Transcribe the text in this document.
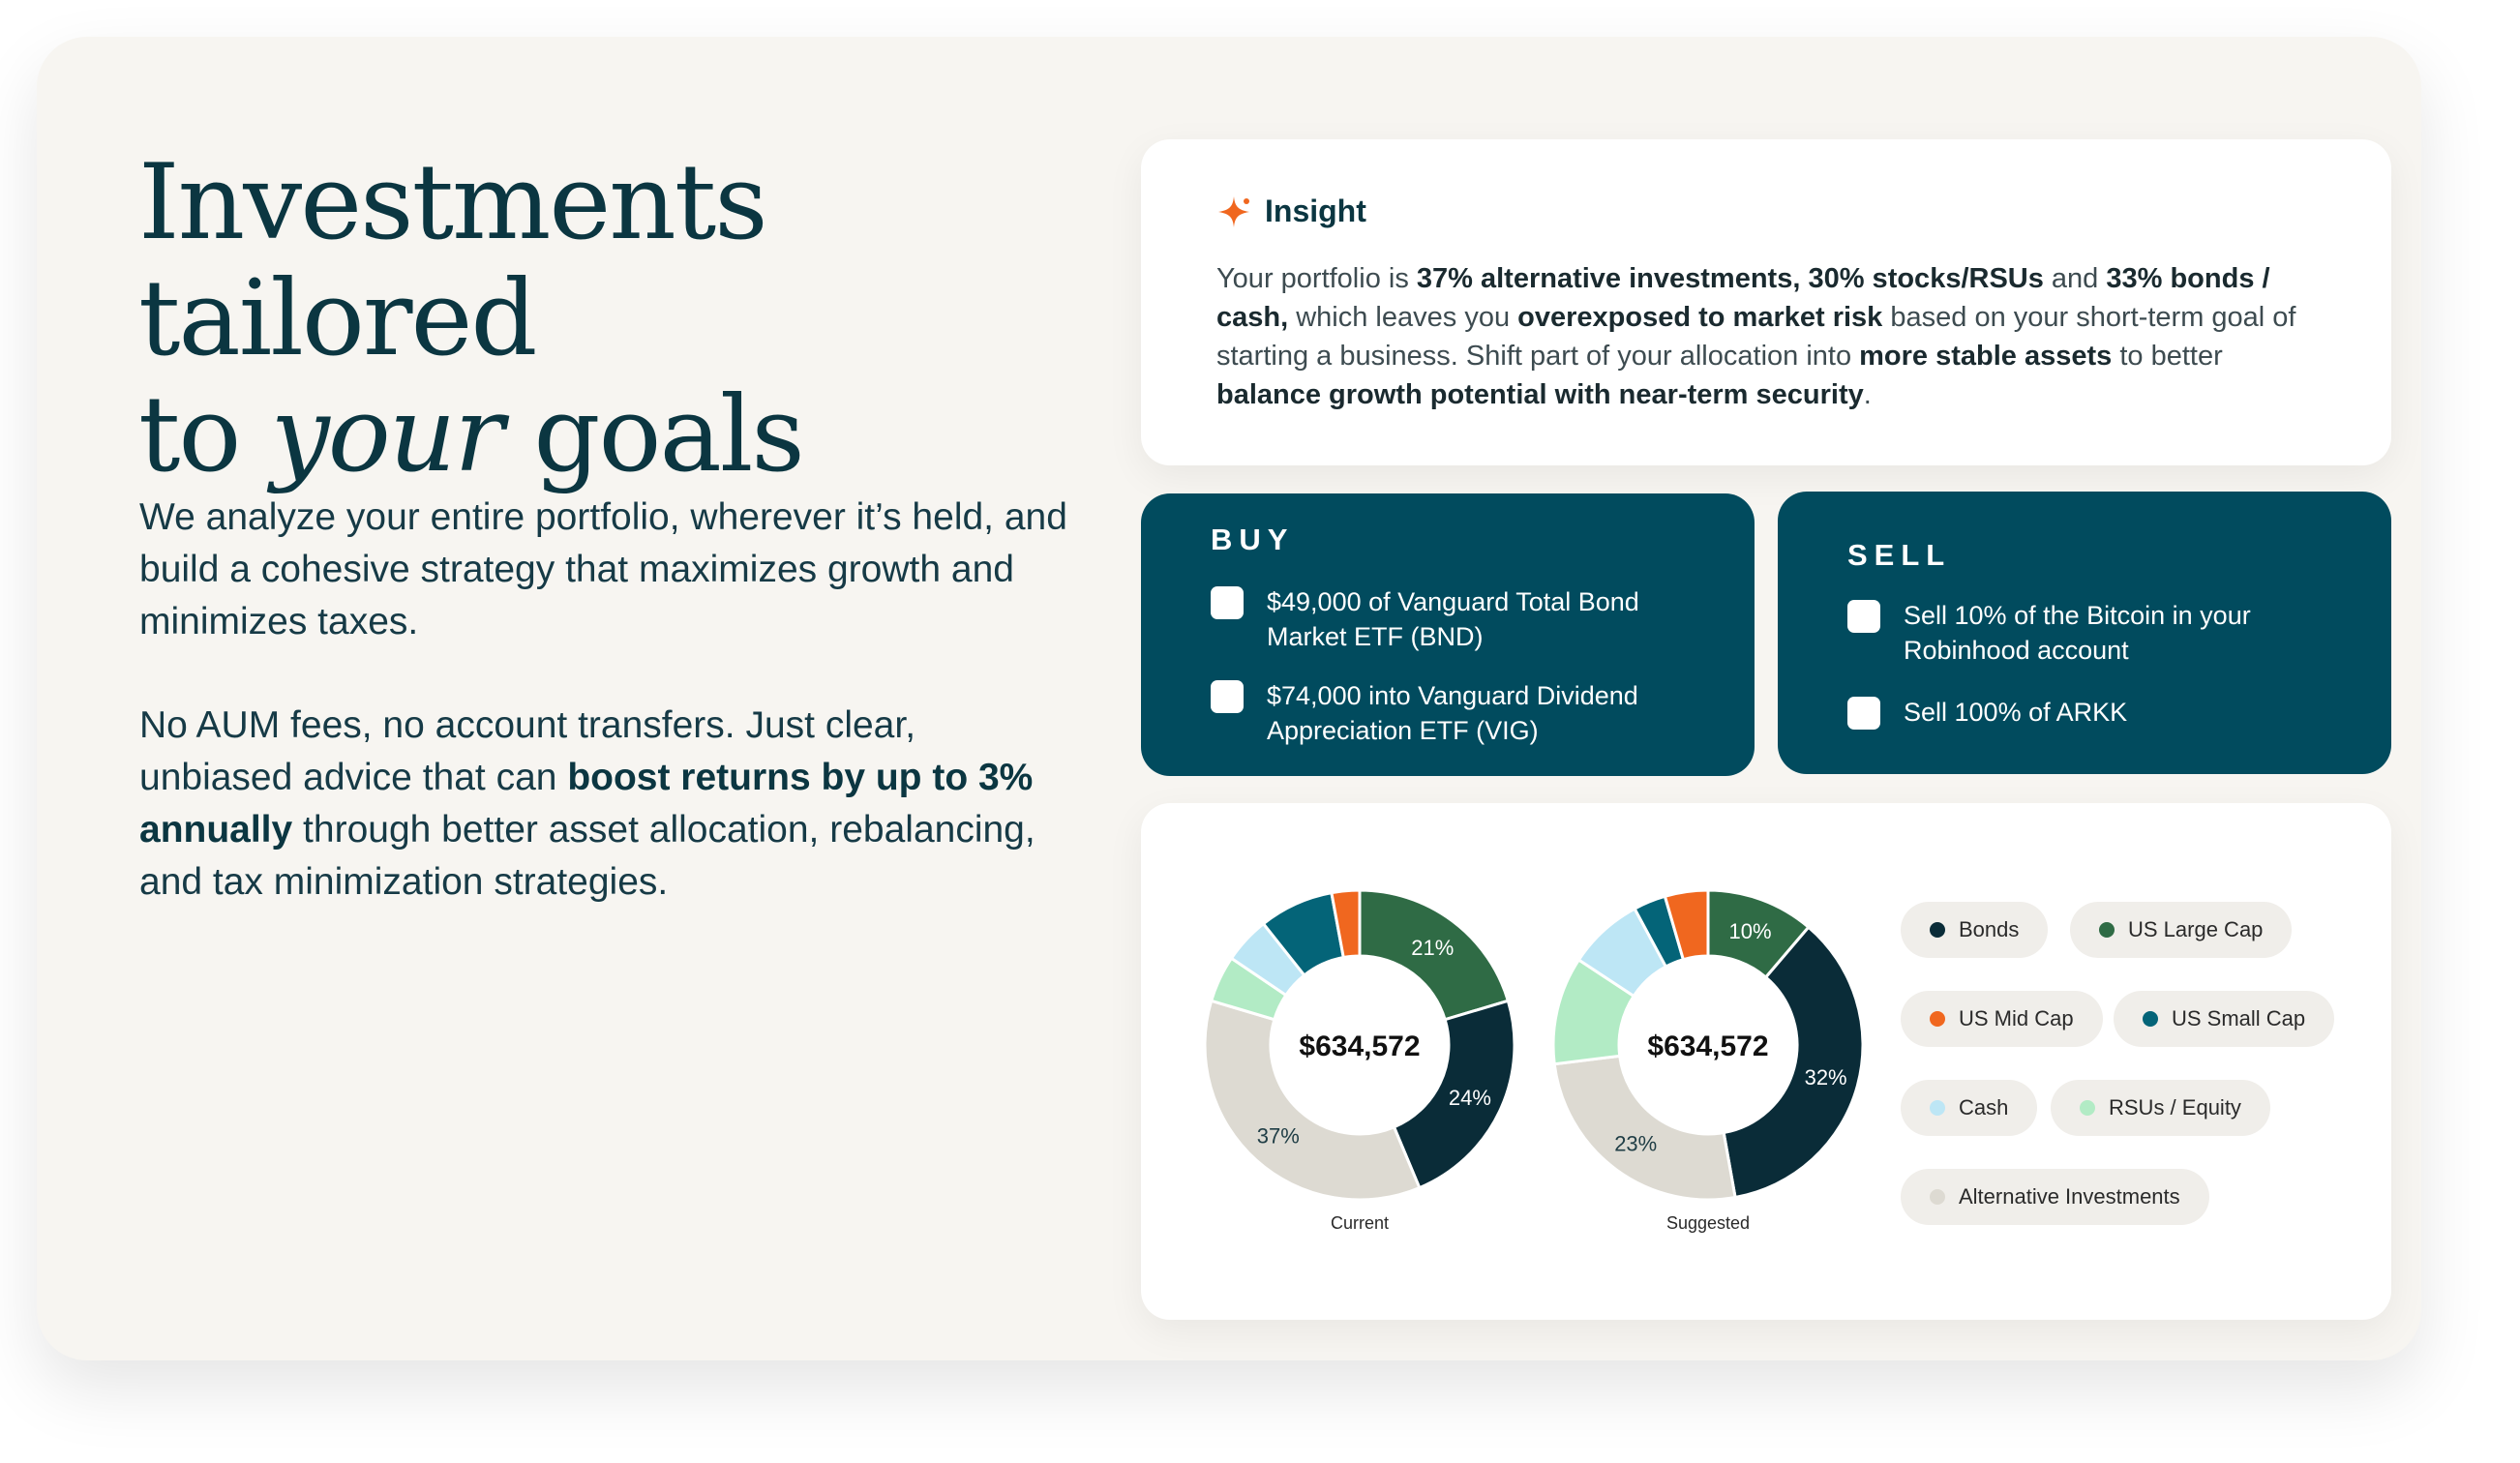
Investments tailored
to your goals

We analyze your entire portfolio, wherever it’s held, and build a cohesive strategy that maximizes growth and minimizes taxes.

No AUM fees, no account transfers. Just clear, unbiased advice that can boost returns by up to 3% annually through better asset allocation, rebalancing, and tax minimization strategies.

Insight

Your portfolio is 37% alternative investments, 30% stocks/RSUs and 33% bonds / cash, which leaves you overexposed to market risk based on your short-term goal of starting a business. Shift part of your allocation into more stable assets to better balance growth potential with near-term security.

BUY
$49,000 of Vanguard Total Bond Market ETF (BND)
$74,000 into Vanguard Dividend Appreciation ETF (VIG)
SELL
Sell 10% of the Bitcoin in your Robinhood account
Sell 100% of ARKK
21%
24%
37%
$634,572
Current
10%
32%
23%
$634,572
Suggested
Bonds	US Large Cap
US Mid Cap	US Small Cap
Cash	RSUs / Equity
Alternative Investments
